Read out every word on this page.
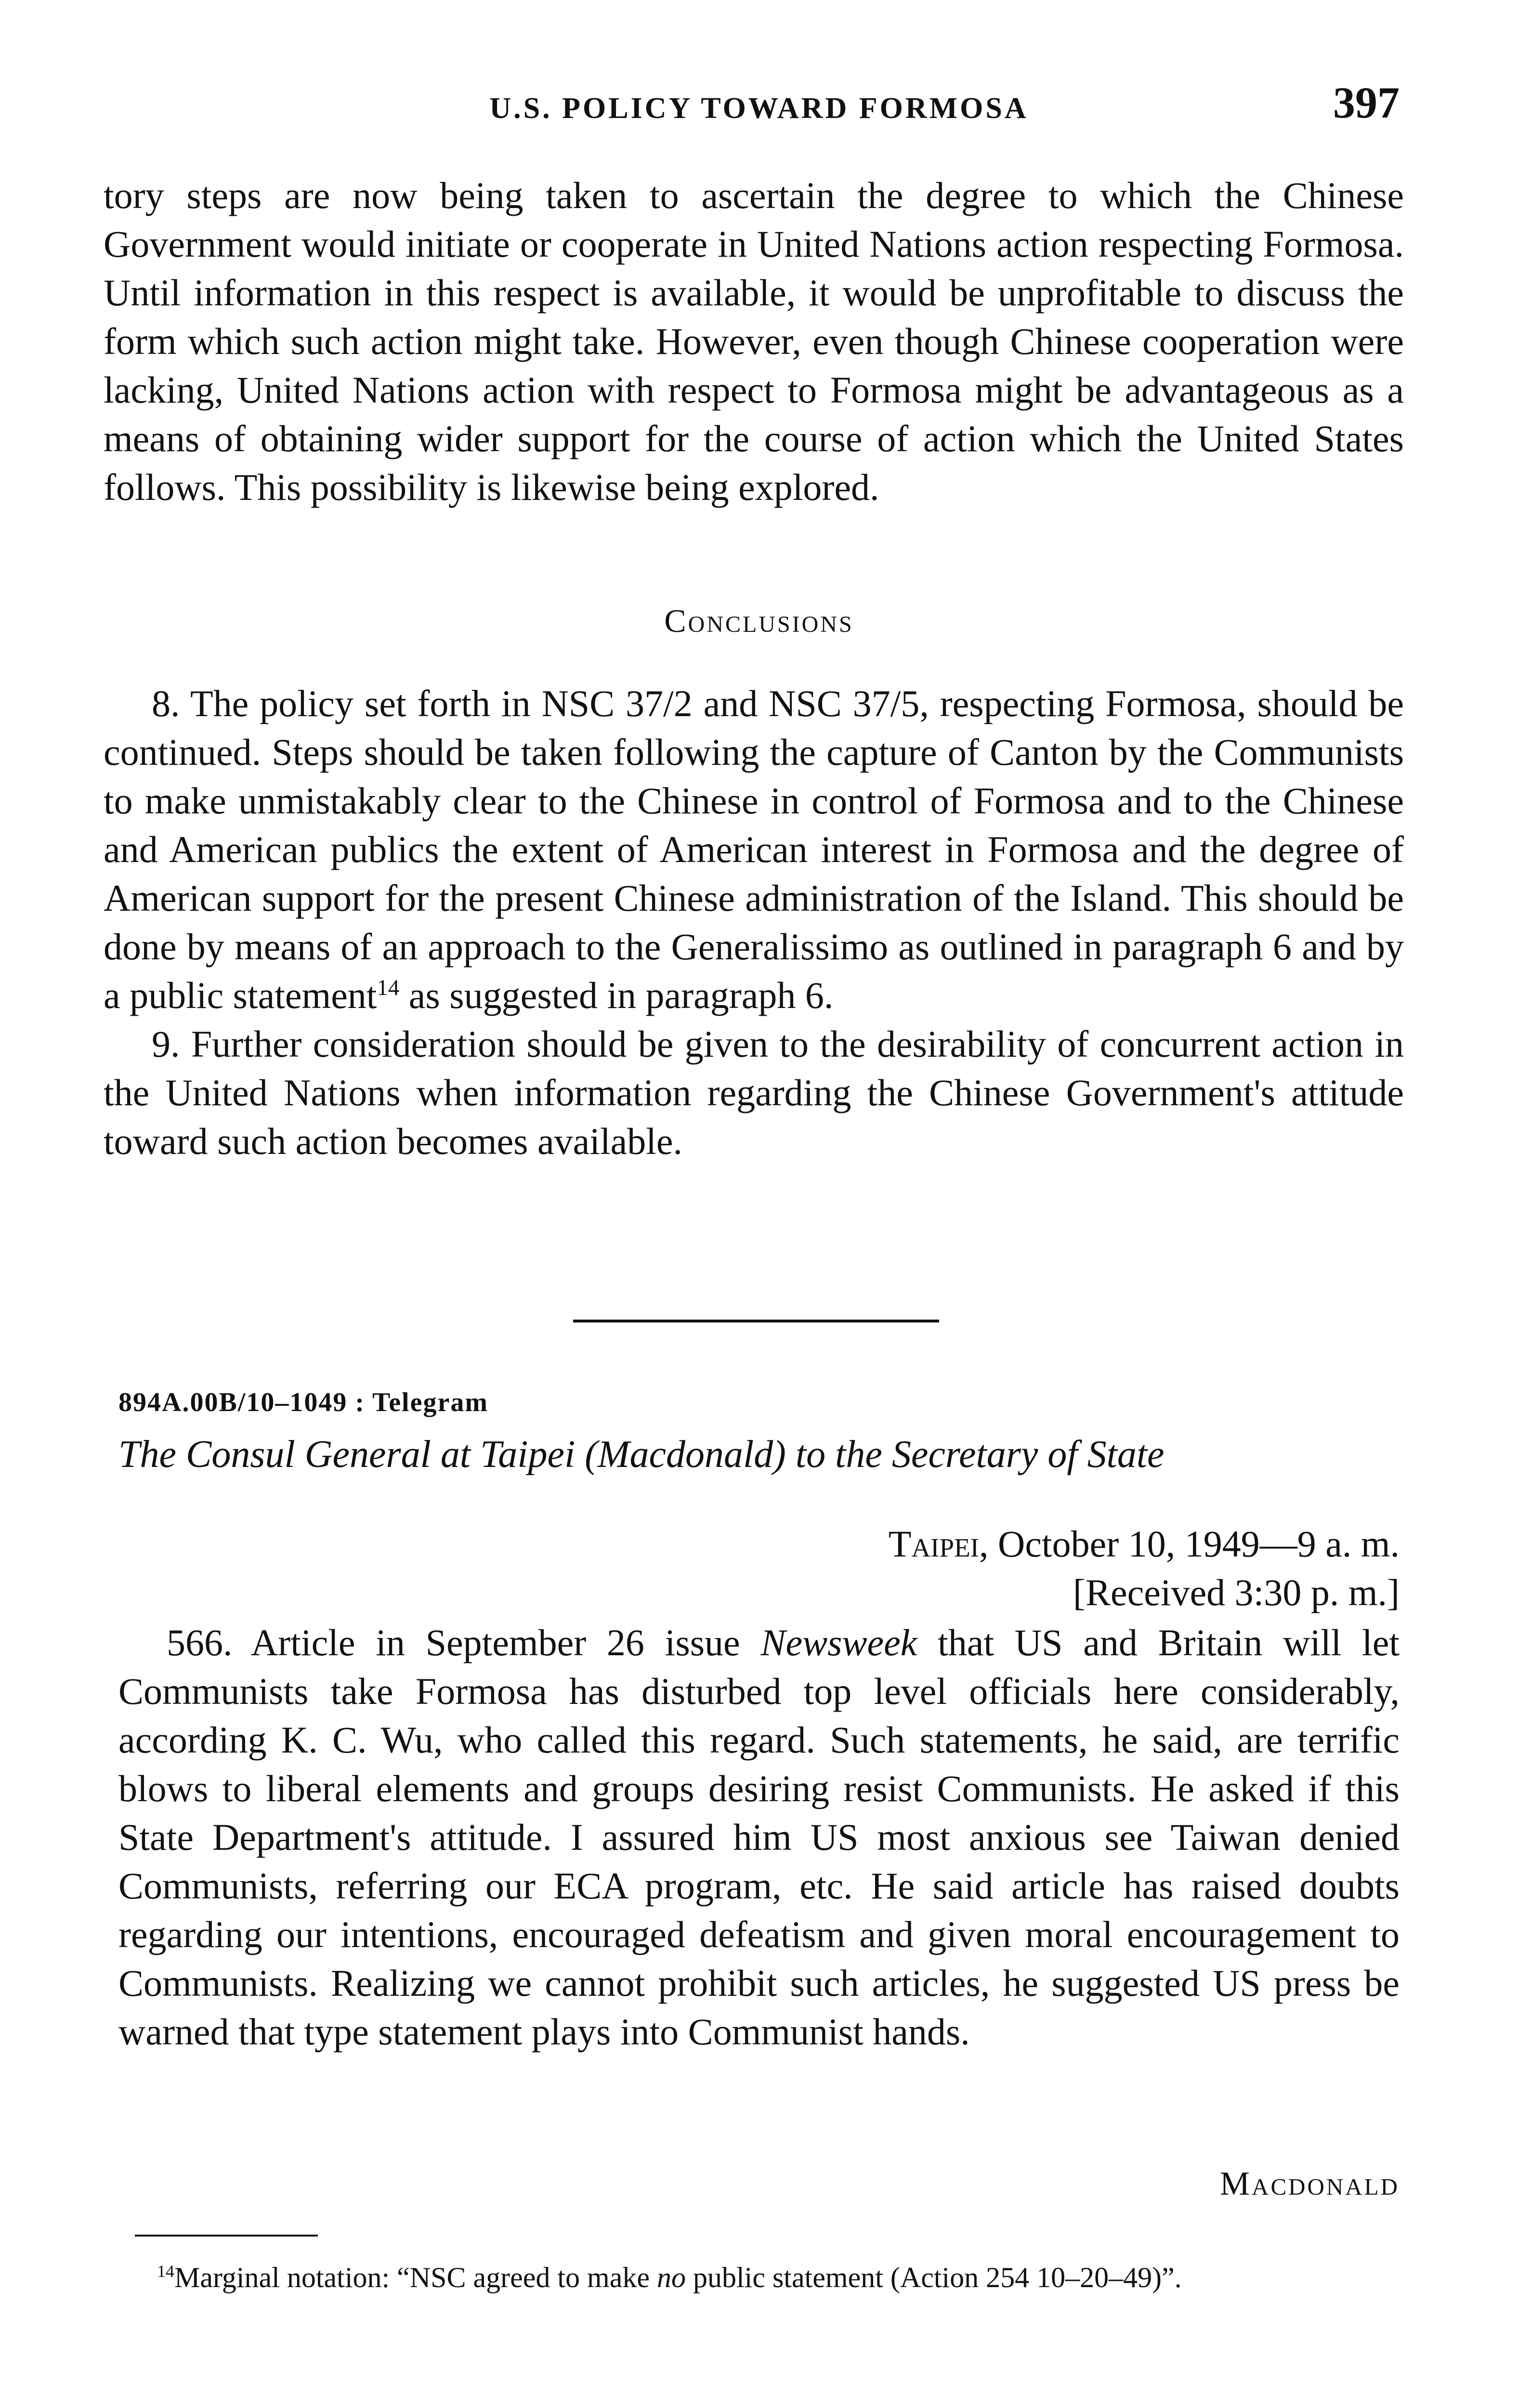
U.S. POLICY TOWARD FORMOSA	397

tory steps are now being taken to ascertain the degree to which the Chinese Government would initiate or cooperate in United Nations action respecting Formosa. Until information in this respect is available, it would be unprofitable to discuss the form which such action might take. However, even though Chinese cooperation were lacking, United Nations action with respect to Formosa might be advantageous as a means of obtaining wider support for the course of action which the United States follows. This possibility is likewise being explored.

Conclusions

8. The policy set forth in NSC 37/2 and NSC 37/5, respecting Formosa, should be continued. Steps should be taken following the capture of Canton by the Communists to make unmistakably clear to the Chinese in control of Formosa and to the Chinese and American publics the extent of American interest in Formosa and the degree of American support for the present Chinese administration of the Island. This should be done by means of an approach to the Generalissimo as outlined in paragraph 6 and by a public statement$^{14}$ as suggested in paragraph 6.

9. Further consideration should be given to the desirability of concurrent action in the United Nations when information regarding the Chinese Government's attitude toward such action becomes available.

894A.00B/10–1049 : Telegram
The Consul General at Taipei (Macdonald) to the Secretary of State
Taipei, October 10, 1949—9 a. m.
[Received 3:30 p. m.]

566. Article in September 26 issue Newsweek that US and Britain will let Communists take Formosa has disturbed top level officials here considerably, according K. C. Wu, who called this regard. Such statements, he said, are terrific blows to liberal elements and groups desiring resist Communists. He asked if this State Department's attitude. I assured him US most anxious see Taiwan denied Communists, referring our ECA program, etc. He said article has raised doubts regarding our intentions, encouraged defeatism and given moral encouragement to Communists. Realizing we cannot prohibit such articles, he suggested US press be warned that type statement plays into Communist hands.

Macdonald
$^{14}$Marginal notation: “NSC agreed to make no public statement (Action 254 10–20–49)”.
